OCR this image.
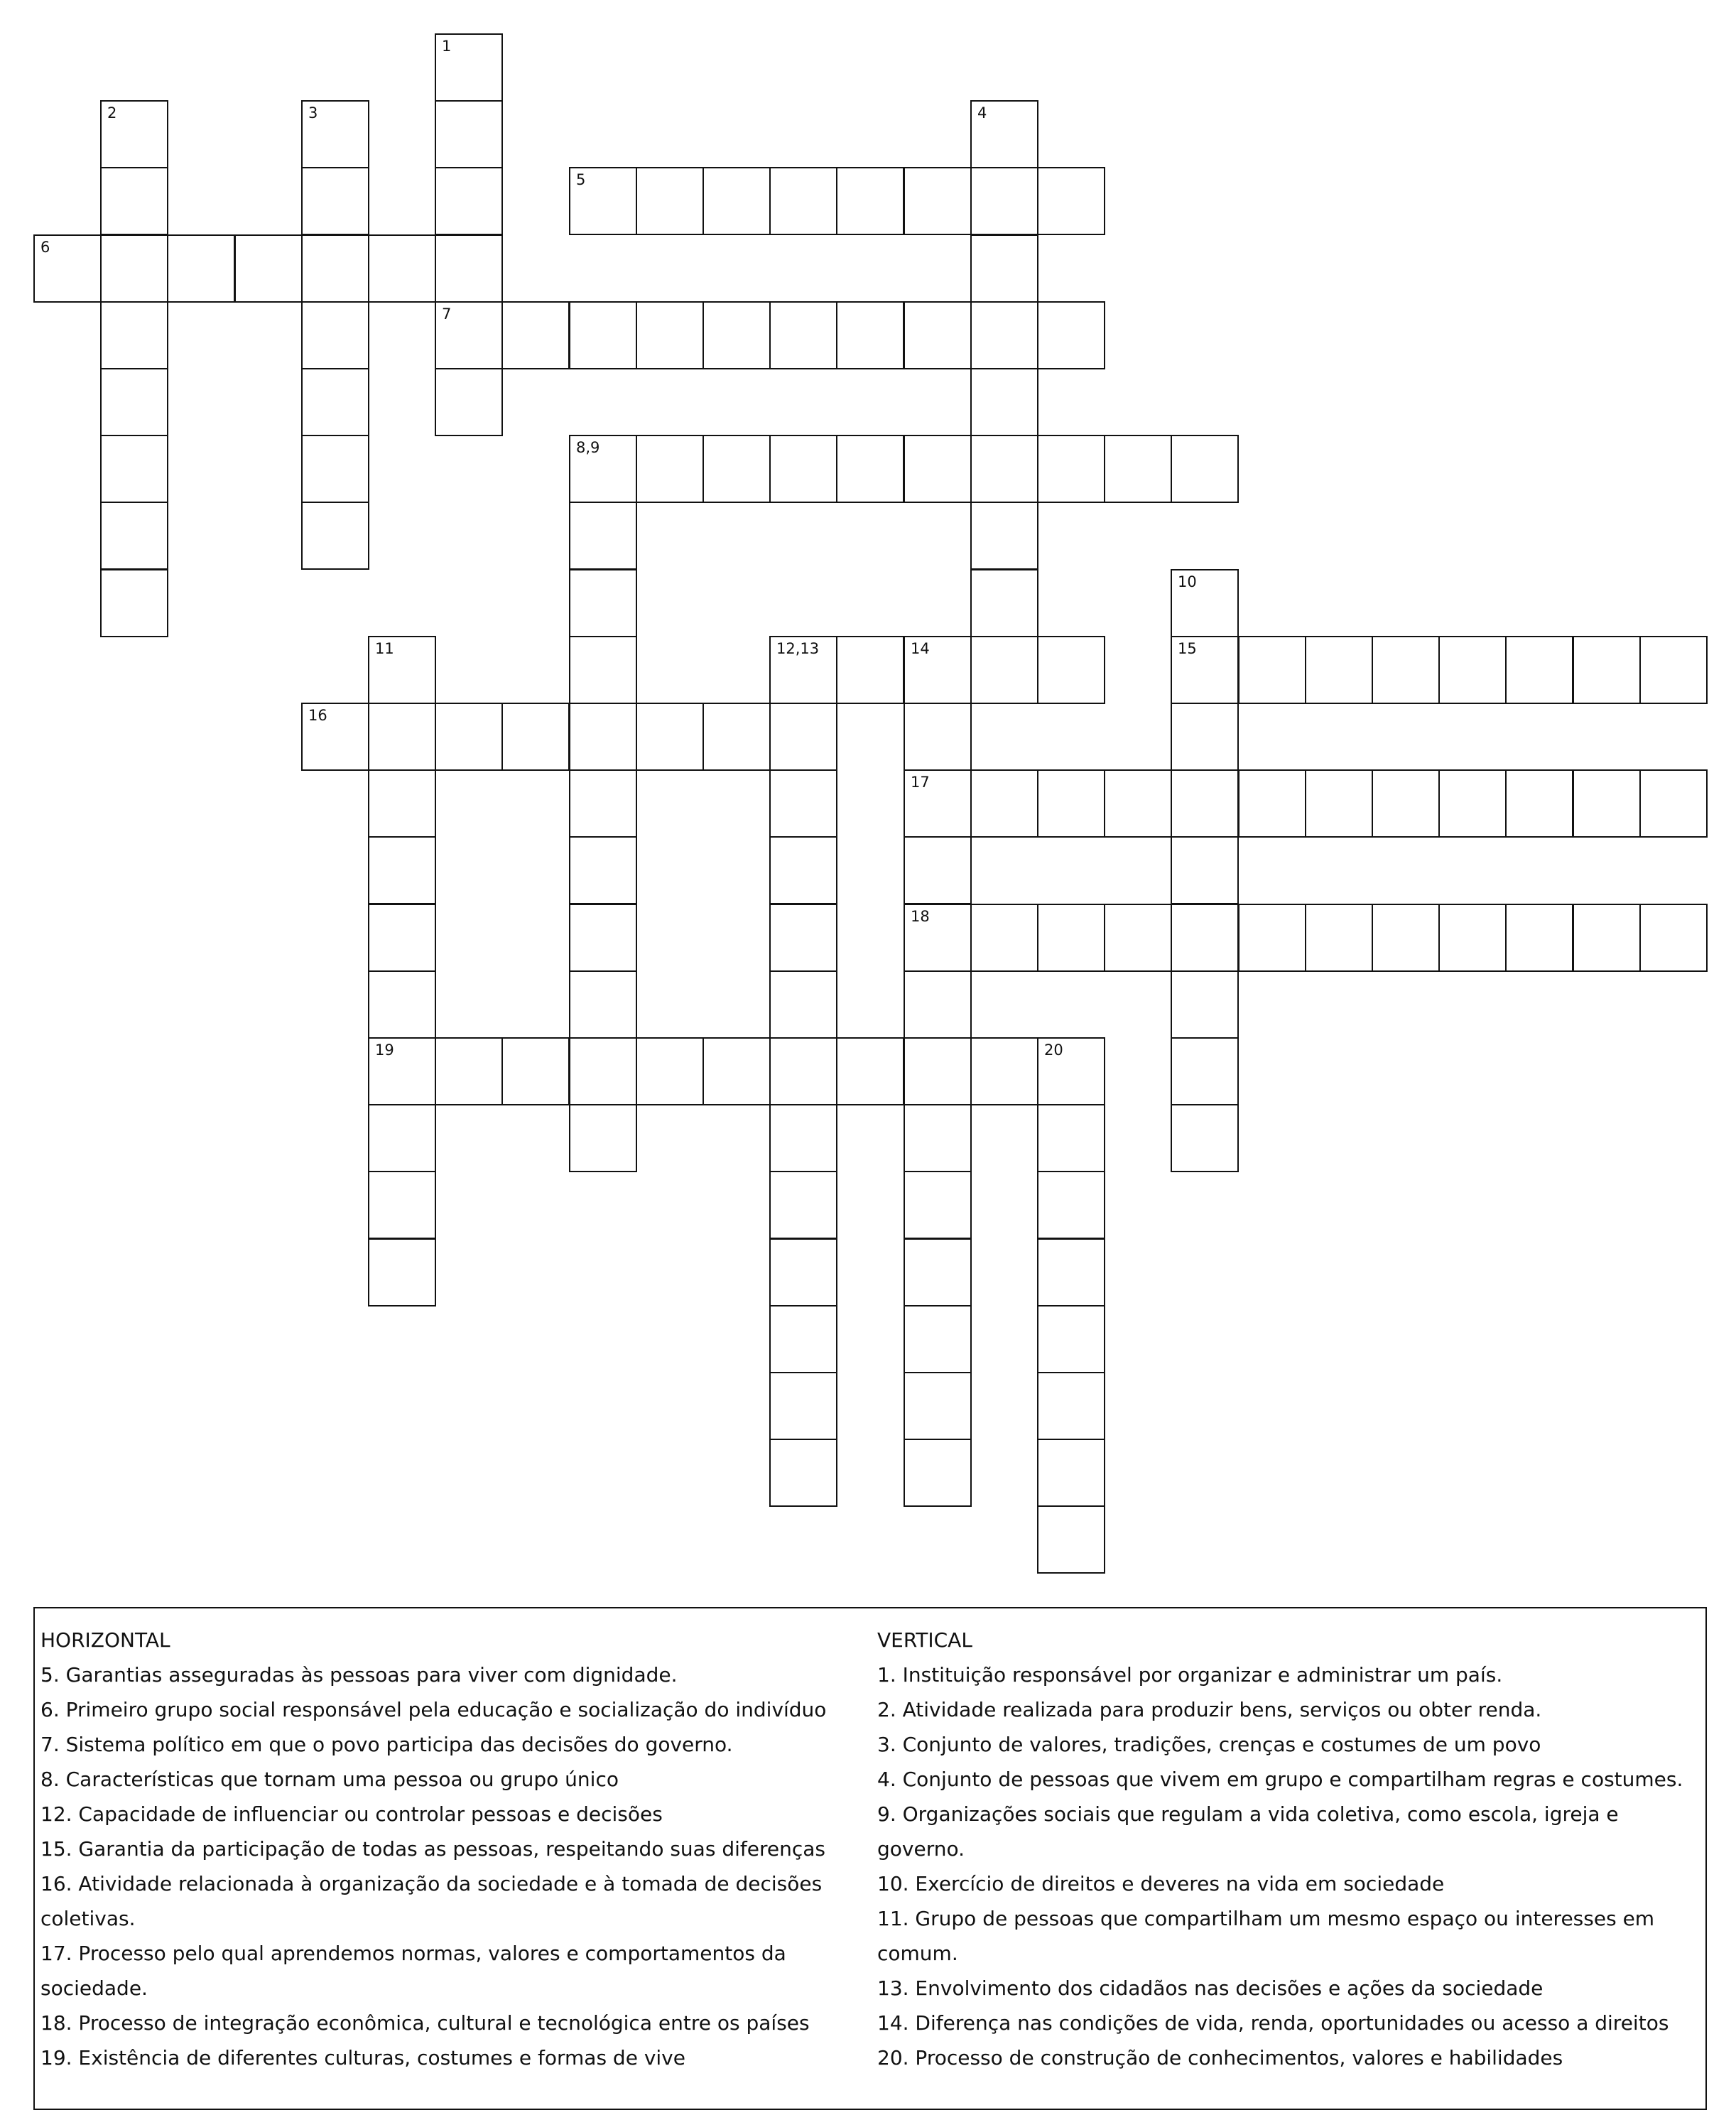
1
7
2	3	4
5
6
8,9
10
15
11
19
12,13	14
17
18
16
20

HORIZONTAL

5. Garantias asseguradas às pessoas para viver com dignidade.

6. Primeiro grupo social responsável pela educação e socialização do indivíduo

7. Sistema político em que o povo participa das decisões do governo.

8. Características que tornam uma pessoa ou grupo único

12. Capacidade de influenciar ou controlar pessoas e decisões

15. Garantia da participação de todas as pessoas, respeitando suas diferenças

16. Atividade relacionada à organização da sociedade e à tomada de decisões coletivas.

17. Processo pelo qual aprendemos normas, valores e comportamentos da sociedade.

18. Processo de integração econômica, cultural e tecnológica entre os países

19. Existência de diferentes culturas, costumes e formas de vive

VERTICAL

1. Instituição responsável por organizar e administrar um país.

2. Atividade realizada para produzir bens, serviços ou obter renda.

3. Conjunto de valores, tradições, crenças e costumes de um povo

4. Conjunto de pessoas que vivem em grupo e compartilham regras e costumes.

9. Organizações sociais que regulam a vida coletiva, como escola, igreja e governo.

10. Exercício de direitos e deveres na vida em sociedade

11. Grupo de pessoas que compartilham um mesmo espaço ou interesses em comum.

13. Envolvimento dos cidadãos nas decisões e ações da sociedade

14. Diferença nas condições de vida, renda, oportunidades ou acesso a direitos

20. Processo de construção de conhecimentos, valores e habilidades
